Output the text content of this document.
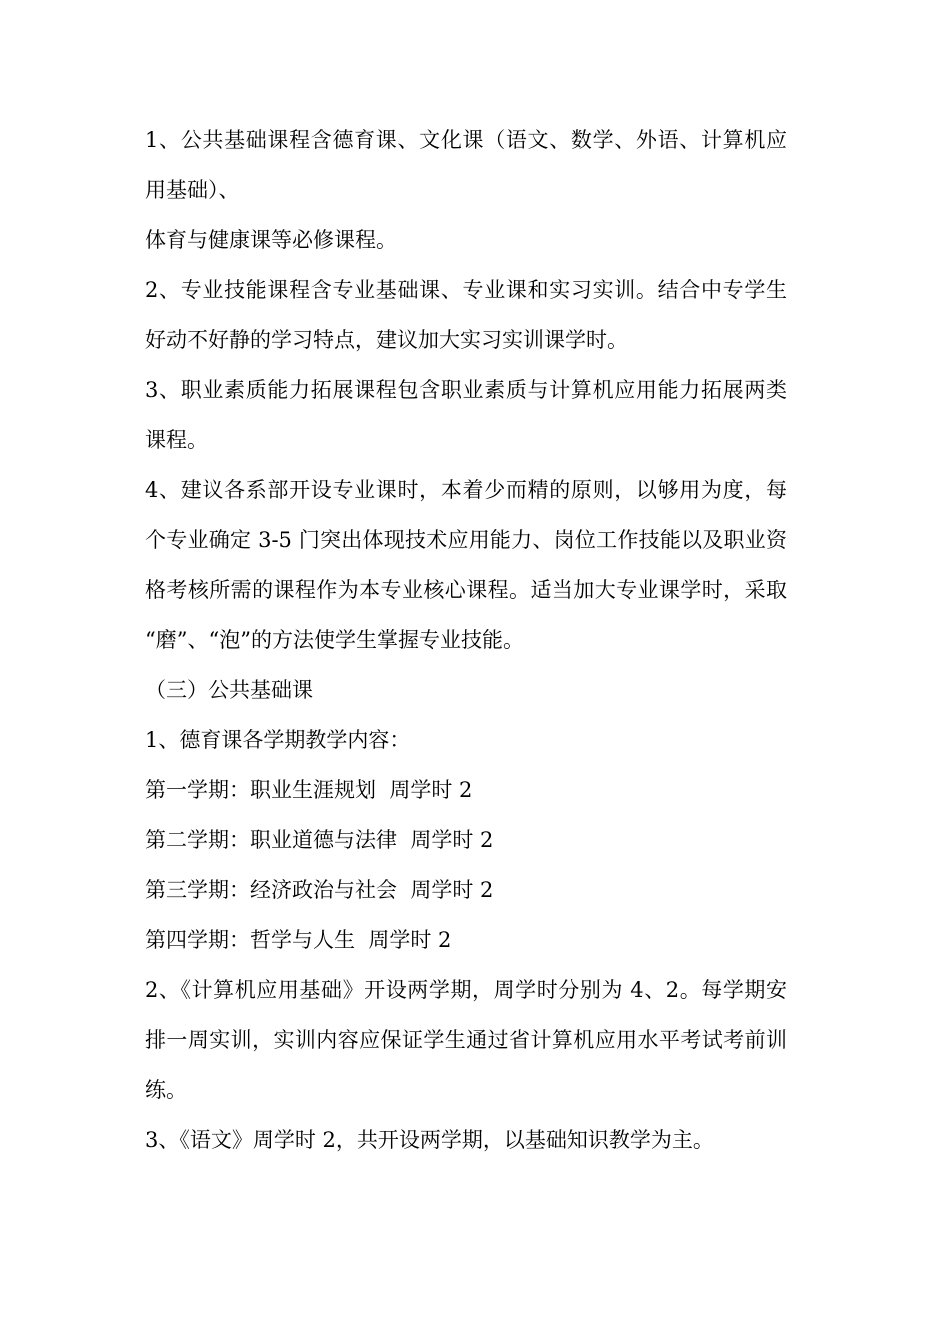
1、公共基础课程含德育课、文化课（语文、数学、外语、计算机应
用基础）、
体育与健康课等必修课程。
2、专业技能课程含专业基础课、专业课和实习实训。结合中专学生
好动不好静的学习特点，建议加大实习实训课学时。
3、职业素质能力拓展课程包含职业素质与计算机应用能力拓展两类
课程。
4、建议各系部开设专业课时，本着少而精的原则，以够用为度，每
个专业确定 3-5 门突出体现技术应用能力、岗位工作技能以及职业资
格考核所需的课程作为本专业核心课程。适当加大专业课学时，采取
“磨”、“泡”的方法使学生掌握专业技能。
（三）公共基础课
1、德育课各学期教学内容：
第一学期：职业生涯规划  周学时 2
第二学期：职业道德与法律  周学时 2
第三学期：经济政治与社会  周学时 2
第四学期：哲学与人生  周学时 2
2、《计算机应用基础》开设两学期，周学时分别为 4、2。每学期安
排一周实训，实训内容应保证学生通过省计算机应用水平考试考前训
练。
3、《语文》周学时 2，共开设两学期，以基础知识教学为主。
